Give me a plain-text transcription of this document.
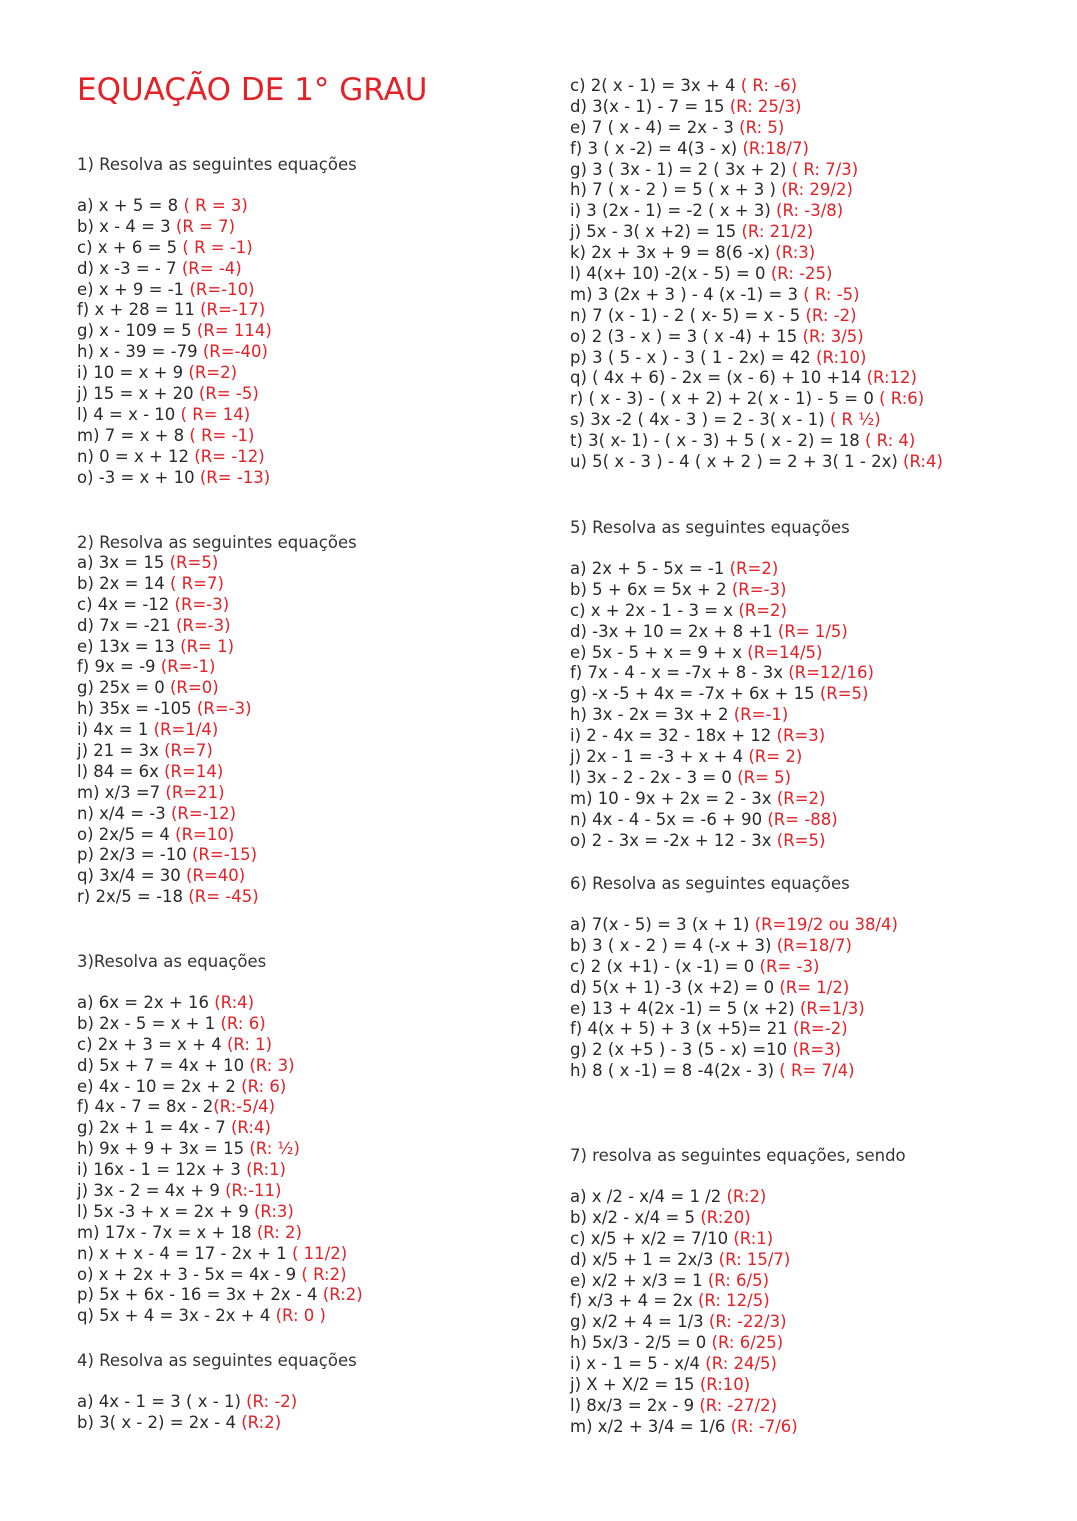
EQUAÇÃO DE 1° GRAU
1) Resolva as seguintes equações
a) x + 5 = 8 ( R = 3)
b) x - 4 = 3 (R = 7)
c) x + 6 = 5 ( R = -1)
d) x -3 = - 7 (R= -4)
e) x + 9 = -1 (R=-10)
f) x + 28 = 11 (R=-17)
g) x - 109 = 5 (R= 114)
h) x - 39 = -79 (R=-40)
i) 10 = x + 9 (R=2)
j) 15 = x + 20 (R= -5)
l) 4 = x - 10 ( R= 14)
m) 7 = x + 8 ( R= -1)
n) 0 = x + 12 (R= -12)
o) -3 = x + 10 (R= -13)
2) Resolva as seguintes equações
a) 3x = 15 (R=5)
b) 2x = 14 ( R=7)
c) 4x = -12 (R=-3)
d) 7x = -21 (R=-3)
e) 13x = 13 (R= 1)
f) 9x = -9 (R=-1)
g) 25x = 0 (R=0)
h) 35x = -105 (R=-3)
i) 4x = 1 (R=1/4)
j) 21 = 3x (R=7)
l) 84 = 6x (R=14)
m) x/3 =7 (R=21)
n) x/4 = -3 (R=-12)
o) 2x/5 = 4 (R=10)
p) 2x/3 = -10 (R=-15)
q) 3x/4 = 30 (R=40)
r) 2x/5 = -18 (R= -45)
3)Resolva as equações
a) 6x = 2x + 16 (R:4)
b) 2x - 5 = x + 1 (R: 6)
c) 2x + 3 = x + 4 (R: 1)
d) 5x + 7 = 4x + 10 (R: 3)
e) 4x - 10 = 2x + 2 (R: 6)
f) 4x - 7 = 8x - 2(R:-5/4)
g) 2x + 1 = 4x - 7 (R:4)
h) 9x + 9 + 3x = 15 (R: ½)
i) 16x - 1 = 12x + 3 (R:1)
j) 3x - 2 = 4x + 9 (R:-11)
l) 5x -3 + x = 2x + 9 (R:3)
m) 17x - 7x = x + 18 (R: 2)
n) x + x - 4 = 17 - 2x + 1 ( 11/2)
o) x + 2x + 3 - 5x = 4x - 9 ( R:2)
p) 5x + 6x - 16 = 3x + 2x - 4 (R:2)
q) 5x + 4 = 3x - 2x + 4 (R: 0 )
4) Resolva as seguintes equações
a) 4x - 1 = 3 ( x - 1) (R: -2)
b) 3( x - 2) = 2x - 4 (R:2)
c) 2( x - 1) = 3x + 4 ( R: -6)
d) 3(x - 1) - 7 = 15 (R: 25/3)
e) 7 ( x - 4) = 2x - 3 (R: 5)
f) 3 ( x -2) = 4(3 - x) (R:18/7)
g) 3 ( 3x - 1) = 2 ( 3x + 2) ( R: 7/3)
h) 7 ( x - 2 ) = 5 ( x + 3 ) (R: 29/2)
i) 3 (2x - 1) = -2 ( x + 3) (R: -3/8)
j) 5x - 3( x +2) = 15 (R: 21/2)
k) 2x + 3x + 9 = 8(6 -x) (R:3)
l) 4(x+ 10) -2(x - 5) = 0 (R: -25)
m) 3 (2x + 3 ) - 4 (x -1) = 3 ( R: -5)
n) 7 (x - 1) - 2 ( x- 5) = x - 5 (R: -2)
o) 2 (3 - x ) = 3 ( x -4) + 15 (R: 3/5)
p) 3 ( 5 - x ) - 3 ( 1 - 2x) = 42 (R:10)
q) ( 4x + 6) - 2x = (x - 6) + 10 +14 (R:12)
r) ( x - 3) - ( x + 2) + 2( x - 1) - 5 = 0 ( R:6)
s) 3x -2 ( 4x - 3 ) = 2 - 3( x - 1) ( R ½)
t) 3( x- 1) - ( x - 3) + 5 ( x - 2) = 18 ( R: 4)
u) 5( x - 3 ) - 4 ( x + 2 ) = 2 + 3( 1 - 2x) (R:4)
5) Resolva as seguintes equações
a) 2x + 5 - 5x = -1 (R=2)
b) 5 + 6x = 5x + 2 (R=-3)
c) x + 2x - 1 - 3 = x (R=2)
d) -3x + 10 = 2x + 8 +1 (R= 1/5)
e) 5x - 5 + x = 9 + x (R=14/5)
f) 7x - 4 - x = -7x + 8 - 3x (R=12/16)
g) -x -5 + 4x = -7x + 6x + 15 (R=5)
h) 3x - 2x = 3x + 2 (R=-1)
i) 2 - 4x = 32 - 18x + 12 (R=3)
j) 2x - 1 = -3 + x + 4 (R= 2)
l) 3x - 2 - 2x - 3 = 0 (R= 5)
m) 10 - 9x + 2x = 2 - 3x (R=2)
n) 4x - 4 - 5x = -6 + 90 (R= -88)
o) 2 - 3x = -2x + 12 - 3x (R=5)
6) Resolva as seguintes equações
a) 7(x - 5) = 3 (x + 1) (R=19/2 ou 38/4)
b) 3 ( x - 2 ) = 4 (-x + 3) (R=18/7)
c) 2 (x +1) - (x -1) = 0 (R= -3)
d) 5(x + 1) -3 (x +2) = 0 (R= 1/2)
e) 13 + 4(2x -1) = 5 (x +2) (R=1/3)
f) 4(x + 5) + 3 (x +5)= 21 (R=-2)
g) 2 (x +5 ) - 3 (5 - x) =10 (R=3)
h) 8 ( x -1) = 8 -4(2x - 3) ( R= 7/4)
7) resolva as seguintes equações, sendo
a) x /2 - x/4 = 1 /2 (R:2)
b) x/2 - x/4 = 5 (R:20)
c) x/5 + x/2 = 7/10 (R:1)
d) x/5 + 1 = 2x/3 (R: 15/7)
e) x/2 + x/3 = 1 (R: 6/5)
f) x/3 + 4 = 2x (R: 12/5)
g) x/2 + 4 = 1/3 (R: -22/3)
h) 5x/3 - 2/5 = 0 (R: 6/25)
i) x - 1 = 5 - x/4 (R: 24/5)
j) X + X/2 = 15 (R:10)
l) 8x/3 = 2x - 9 (R: -27/2)
m) x/2 + 3/4 = 1/6 (R: -7/6)
